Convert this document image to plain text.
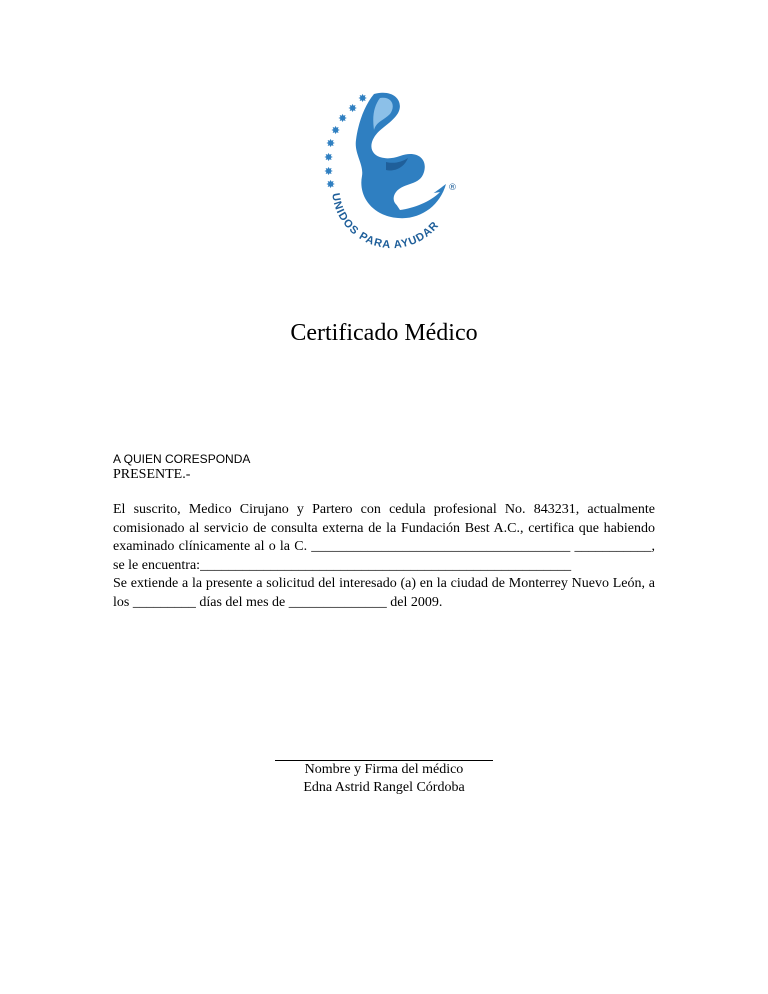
✸
✸
✸
✸
✸
✸
✸
✸
UNIDOS PARA AYUDAR
®
Certificado Médico
A QUIEN CORESPONDA
PRESENTE.-

El suscrito, Medico Cirujano y Partero con cedula profesional No. 843231, actualmente comisionado al servicio de consulta externa de la Fundación Best A.C., certifica que habiendo examinado clínicamente al o la C. _____________________________________ ___________, se le encuentra:_____________________________________________________

Se extiende a la presente a solicitud del interesado (a) en la ciudad de Monterrey Nuevo León, a los _________ días del mes de ______________ del 2009.

Nombre y Firma del médico
Edna Astrid Rangel Córdoba
